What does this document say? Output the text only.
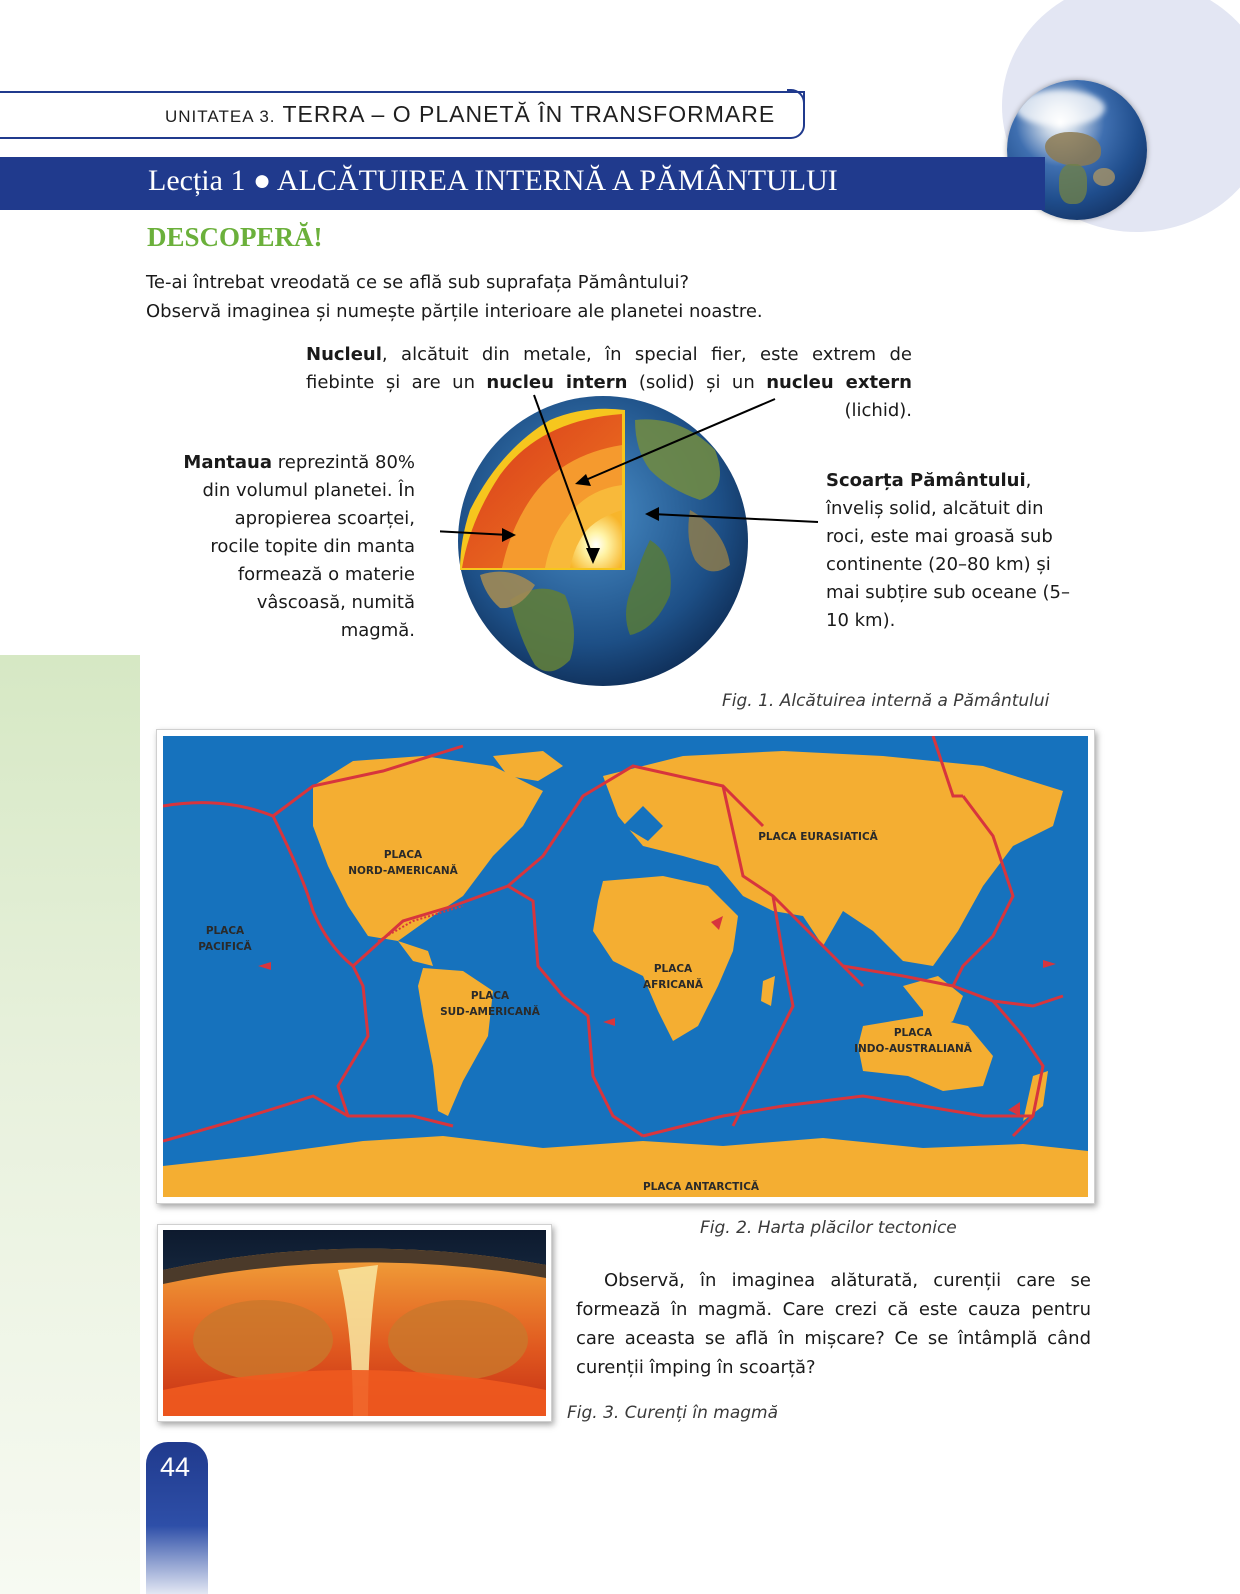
UNITATEA 3. TERRA – O PLANETĂ ÎN TRANSFORMARE
Lecția 1 ● ALCĂTUIREA INTERNĂ A PĂMÂNTULUI
DESCOPERĂ!
Te-ai întrebat vreodată ce se află sub suprafața Pământului?
Observă imaginea și numește părțile interioare ale planetei noastre.
Nucleul, alcătuit din metale, în special fier, este extrem de fiebinte și are un nucleu intern (solid) și un nucleu extern (lichid).
Mantaua reprezintă 80% din volumul planetei. În apropierea scoarței, rocile topite din manta formează o materie vâscoasă, numită magmă.
Scoarța Pământului, înveliș solid, alcătuit din roci, este mai groasă sub continente (20–80 km) și mai subțire sub oceane (5–10 km).
Fig. 1. Alcătuirea internă a Pământului
PLACA
NORD-AMERICANĂ
PLACA EURASIATICĂ
PLACA
PACIFICĂ
PLACA
SUD-AMERICANĂ
PLACA
AFRICANĂ
PLACA
INDO-AUSTRALIANĂ
PLACA ANTARCTICĂ
Fig. 2. Harta plăcilor tectonice
Fig. 3. Curenți în magmă
Observă, în imaginea alăturată, curenții care se formează în magmă. Care crezi că este cauza pentru care aceasta se află în mișcare? Ce se întâmplă când curenții împing în scoarță?
44
